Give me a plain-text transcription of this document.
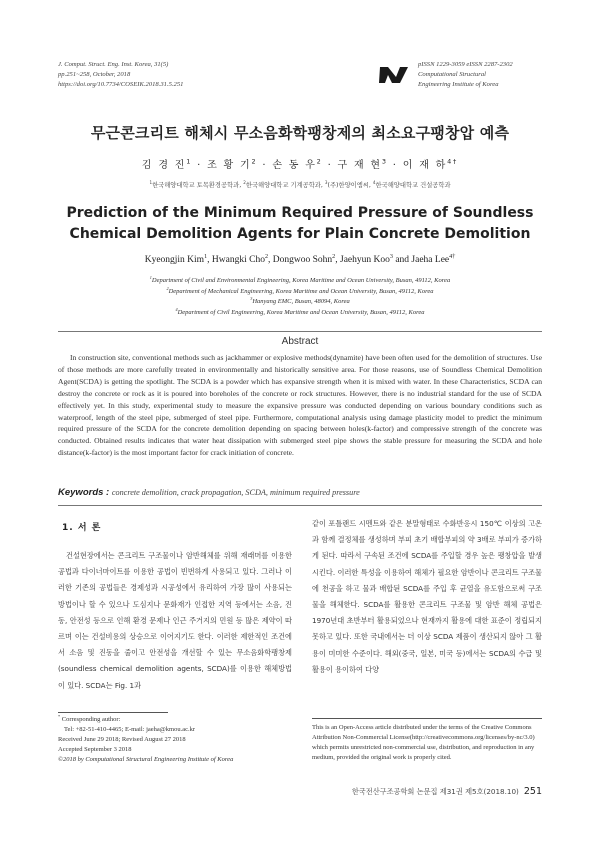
J. Comput. Struct. Eng. Inst. Korea, 31(5)
pp.251~258, October, 2018
https://doi.org/10.7734/COSEIK.2018.31.5.251
pISSN 1229-3059 eISSN 2287-2302
Computational Structural
Engineering Institute of Korea
무근콘크리트 해체시 무소음화학팽창제의 최소요구팽창압 예측
김 경 진$^1$ · 조 황 기$^2$ · 손 동 우$^2$ · 구 재 현$^3$ · 이 재 하$^{4\dagger}$
$^1$한국해양대학교 토목환경공학과, $^2$한국해양대학교 기계공학과, $^3$(주)한양이엠씨, $^4$한국해양대학교 건설공학과
Prediction of the Minimum Required Pressure of Soundless Chemical Demolition Agents for Plain Concrete Demolition
Kyeongjin Kim$^1$, Hwangki Cho$^2$, Dongwoo Sohn$^2$, Jaehyun Koo$^3$ and Jaeha Lee$^{4\dagger}$
$^1$Department of Civil and Environmental Engineering, Korea Maritime and Ocean University, Busan, 49112, Korea
$^2$Department of Mechanical Engineering, Korea Maritime and Ocean University, Busan, 49112, Korea
$^3$Hanyang EMC, Busan, 48094, Korea
$^4$Department of Civil Engineering, Korea Maritime and Ocean University, Busan, 49112, Korea
Abstract

In construction site, conventional methods such as jackhammer or explosive methods(dynamite) have been often used for the demolition of structures. Use of those methods are more carefully treated in environmentally and historically sensitive area. For those reasons, use of Soundless Chemical Demolition Agent(SCDA) is getting the spotlight. The SCDA is a powder which has expansive strength when it is mixed with water. In these Characteristics, SCDA can destroy the concrete or rock as it is poured into boreholes of the concrete or rock structures. However, there is no industrial standard for the use of SCDA effectively yet. In this study, experimental study to measure the expansive pressure was conducted depending on various boundary conditions such as waterproof, length of the steel pipe, submerged of steel pipe. Furthermore, computational analysis using damage plasticity model to predict the minimum required pressure of the SCDA for the concrete demolition depending on spacing between holes(k-factor) and compressive strength of the concrete was conducted. Obtained results indicates that water heat dissipation with submerged steel pipe shows the stable pressure for measuring the SCDA and hole distance(k-factor) is the most important factor for crack initiation of concrete.

Keywords : concrete demolition, crack propagation, SCDA, minimum required pressure
1. 서 론

건설현장에서는 콘크리트 구조물이나 암반해체를 위해 재래머를 이용한 공법과 다이너마이트를 이용한 공법이 빈번하게 사용되고 있다. 그러나 이러한 기존의 공법들은 경제성과 시공성에서 유리하여 가장 많이 사용되는 방법이나 할 수 있으나 도심지나 문화재가 인접한 지역 등에서는 소음, 진동, 안전성 등으로 인해 환경 문제나 인근 주거지의 민원 등 많은 제약이 따르며 이는 건설비용의 상승으로 이어지기도 한다. 이러한 제한적인 조건에서 소음 및 진동을 줄이고 안전성을 개선할 수 있는 무소음화학팽창제(soundless chemical demolition agents, SCDA)를 이용한 해체방법이 있다. SCDA는 Fig. 1과

같이 포틀랜드 시멘트와 같은 분말형태로 수화반응시 150℃ 이상의 고온과 함께 결정체를 생성하며 부피 초기 배합부피의 약 3배로 부피가 증가하게 된다. 따라서 구속된 조건에 SCDA를 주입할 경우 높은 팽창압을 발생시킨다. 이러한 특성을 이용하여 해체가 필요한 암반이나 콘크리트 구조물에 천공을 하고 물과 배합된 SCDA를 주입 후 균열을 유도함으로써 구조물을 해체한다. SCDA를 활용한 콘크리트 구조물 및 암반 해체 공법은 1970년대 초반부터 활용되었으나 현재까지 활용에 대한 표준이 정립되지 못하고 있다. 또한 국내에서는 더 이상 SCDA 제품이 생산되지 않아 그 활용이 미미한 수준이다. 해외(중국, 일본, 미국 등)에서는 SCDA의 수급 및 활용이 용이하여 다양

* Corresponding author:
Tel: +82-51-410-4465; E-mail: jaeha@kmou.ac.kr
Received June 29 2018; Revised August 27 2018
Accepted September 3 2018
©2018 by Computational Structural Engineering Institute of Korea
This is an Open-Access article distributed under the terms of the Creative Commons Attribution Non-Commercial License(http://creativecommons.org/licenses/by-nc/3.0) which permits unrestricted non-commercial use, distribution, and reproduction in any medium, provided the original work is properly cited.
한국전산구조공학회 논문집 제31권 제5호(2018.10) 251
